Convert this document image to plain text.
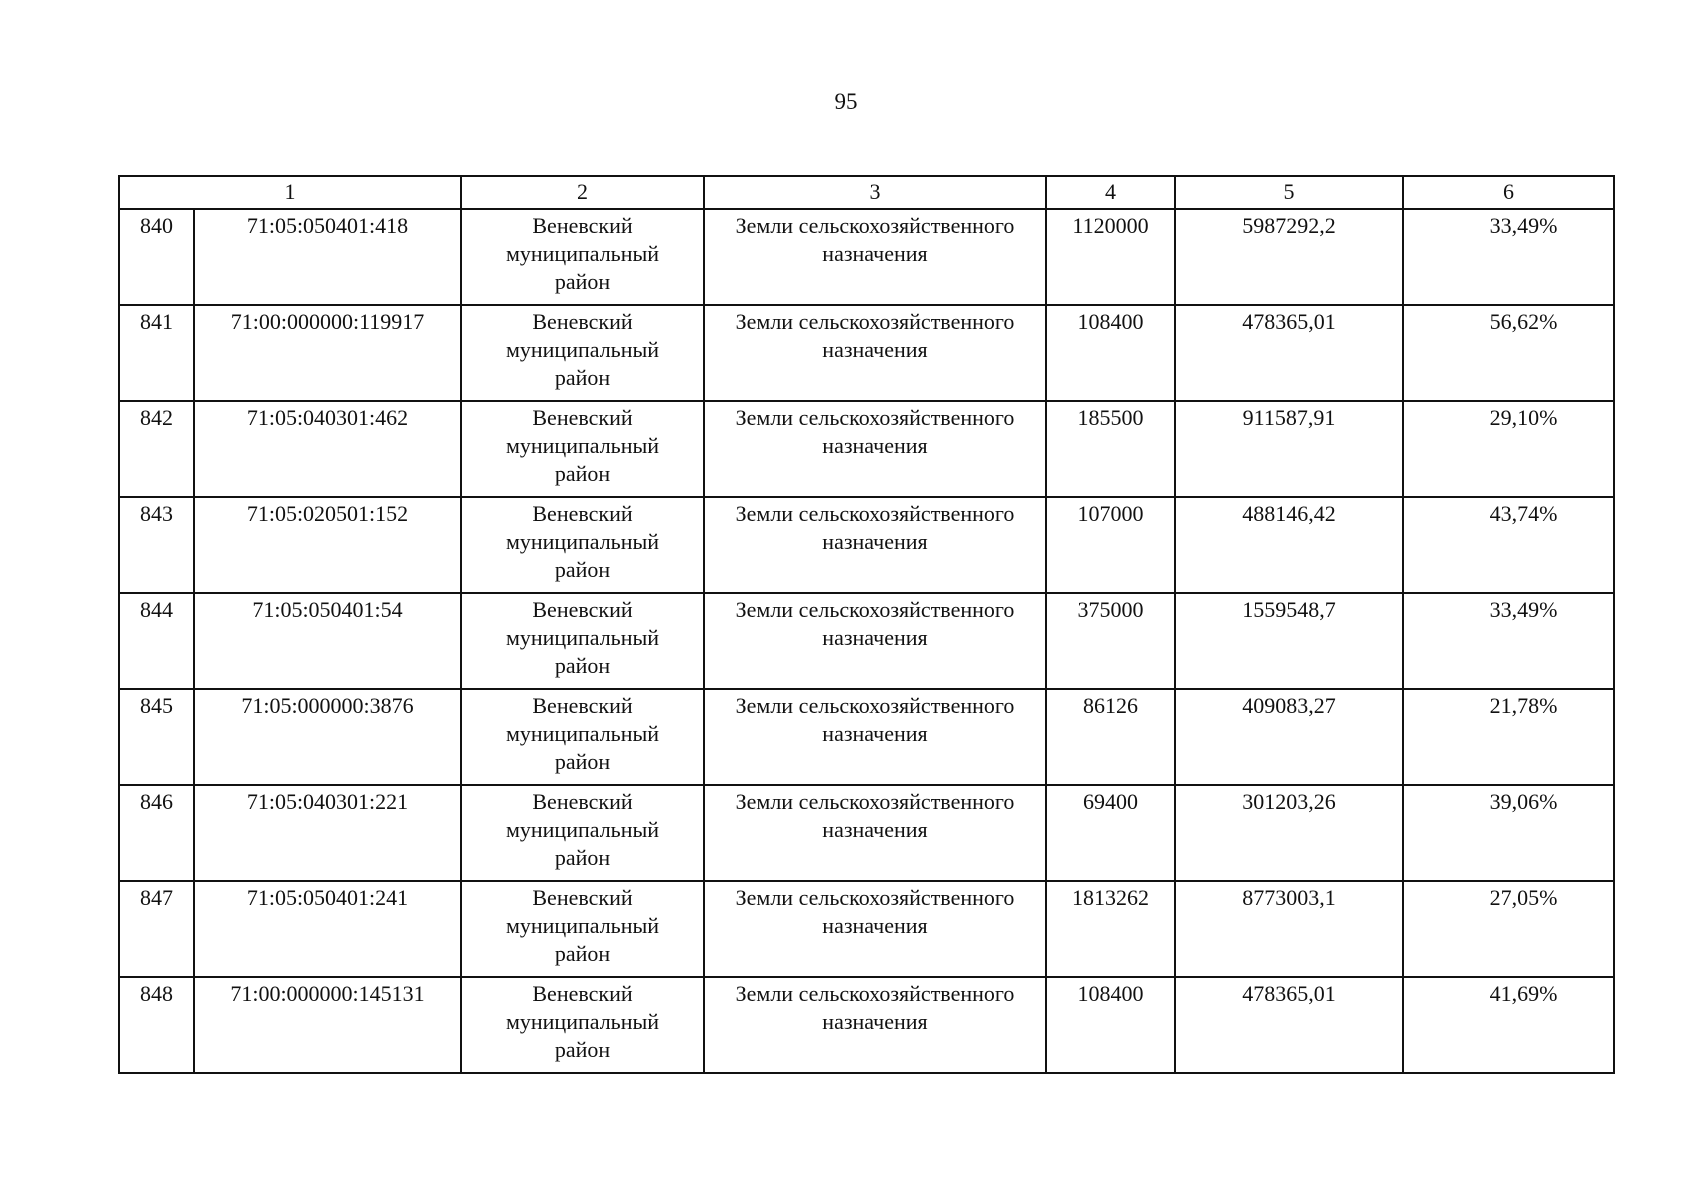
95
1		2	3	4	5	6
840	71:05:050401:418	Веневский
муниципальный
район	Земли сельскохозяйственного
назначения	1120000	5987292,2	33,49%

841	71:00:000000:119917	Веневский
муниципальный
район	Земли сельскохозяйственного
назначения	108400	478365,01	56,62%

842	71:05:040301:462	Веневский
муниципальный
район	Земли сельскохозяйственного
назначения	185500	911587,91	29,10%

843	71:05:020501:152	Веневский
муниципальный
район	Земли сельскохозяйственного
назначения	107000	488146,42	43,74%

844	71:05:050401:54	Веневский
муниципальный
район	Земли сельскохозяйственного
назначения	375000	1559548,7	33,49%

845	71:05:000000:3876	Веневский
муниципальный
район	Земли сельскохозяйственного
назначения	86126	409083,27	21,78%

846	71:05:040301:221	Веневский
муниципальный
район	Земли сельскохозяйственного
назначения	69400	301203,26	39,06%

847	71:05:050401:241	Веневский
муниципальный
район	Земли сельскохозяйственного
назначения	1813262	8773003,1	27,05%

848	71:00:000000:145131	Веневский
муниципальный
район	Земли сельскохозяйственного
назначения	108400	478365,01	41,69%
